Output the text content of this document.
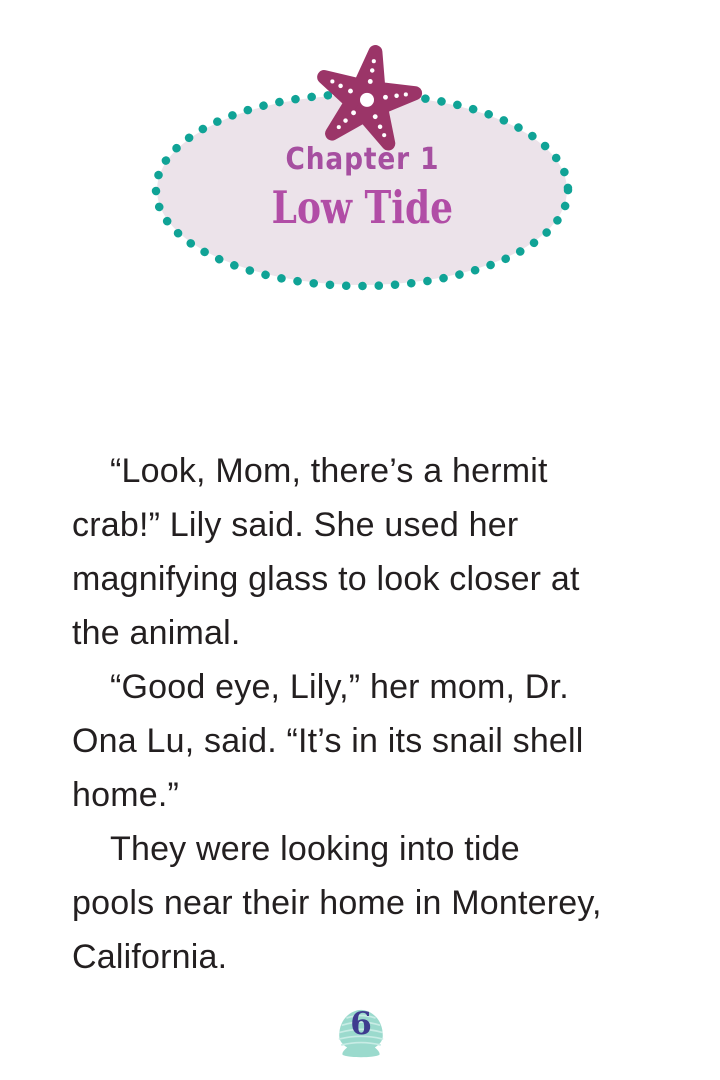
Chapter 1
Low Tide
“Look, Mom, there’s a hermit
crab!” Lily said. She used her
magnifying glass to look closer at
the animal.
“Good eye, Lily,” her mom, Dr.
Ona Lu, said. “It’s in its snail shell
home.”
They were looking into tide
pools near their home in Monterey,
California.
6
